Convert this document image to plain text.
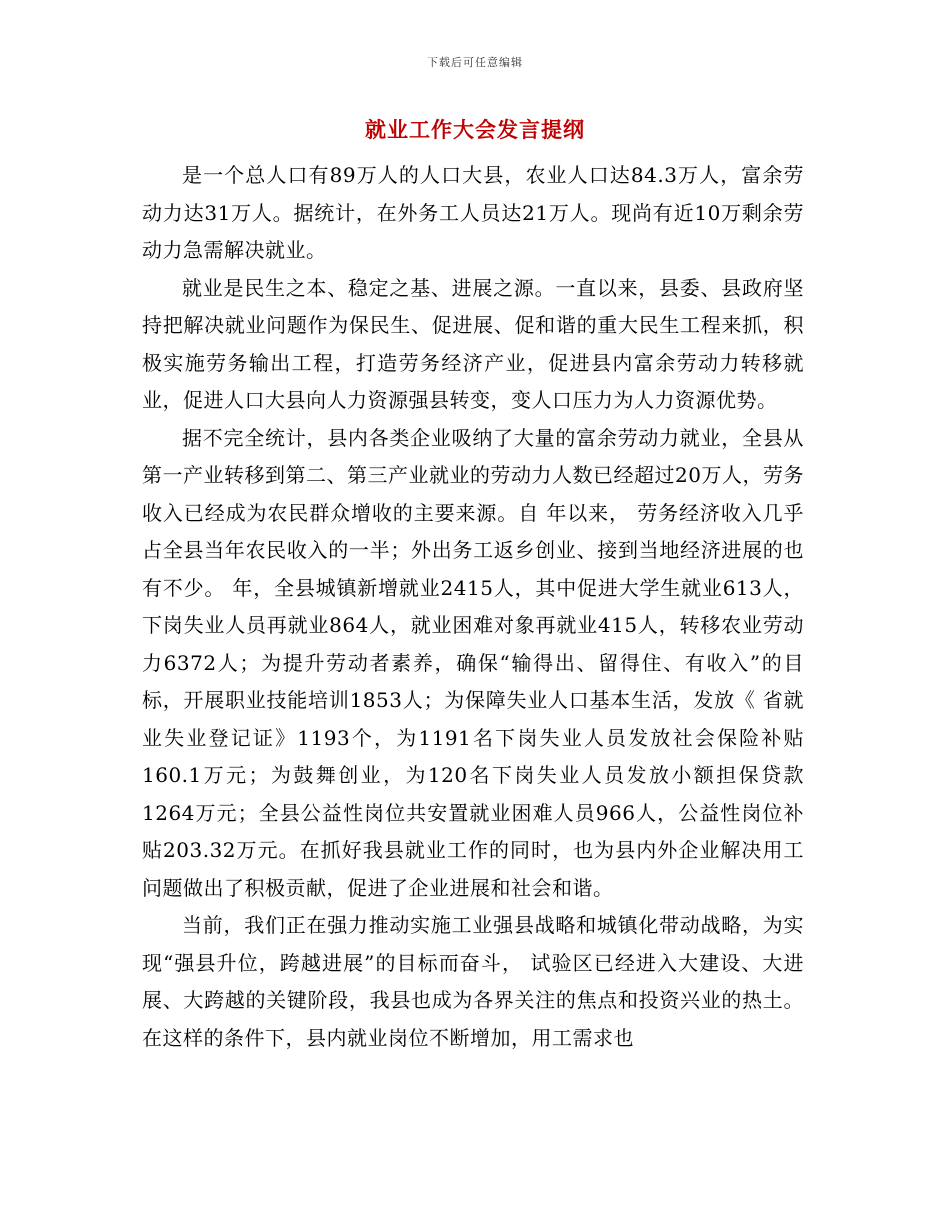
下载后可任意编辑
就业工作大会发言提纲

是一个总人口有89万人的人口大县，农业人口达84.3万人，富余劳动力达31万人。据统计，在外务工人员达21万人。现尚有近10万剩余劳动力急需解决就业。

就业是民生之本、稳定之基、进展之源。一直以来，县委、县政府坚持把解决就业问题作为保民生、促进展、促和谐的重大民生工程来抓，积极实施劳务输出工程，打造劳务经济产业，促进县内富余劳动力转移就业，促进人口大县向人力资源强县转变，变人口压力为人力资源优势。

据不完全统计，县内各类企业吸纳了大量的富余劳动力就业，全县从第一产业转移到第二、第三产业就业的劳动力人数已经超过20万人，劳务收入已经成为农民群众增收的主要来源。自 年以来， 劳务经济收入几乎占全县当年农民收入的一半；外出务工返乡创业、接到当地经济进展的也有不少。 年，全县城镇新增就业2415人，其中促进大学生就业613人，下岗失业人员再就业864人，就业困难对象再就业415人，转移农业劳动力6372人；为提升劳动者素养，确保“输得出、留得住、有收入”的目标，开展职业技能培训1853人；为保障失业人口基本生活，发放《 省就业失业登记证》1193个，为1191名下岗失业人员发放社会保险补贴160.1万元；为鼓舞创业，为120名下岗失业人员发放小额担保贷款1264万元；全县公益性岗位共安置就业困难人员966人，公益性岗位补贴203.32万元。在抓好我县就业工作的同时，也为县内外企业解决用工问题做出了积极贡献，促进了企业进展和社会和谐。

当前，我们正在强力推动实施工业强县战略和城镇化带动战略，为实现“强县升位，跨越进展”的目标而奋斗， 试验区已经进入大建设、大进展、大跨越的关键阶段，我县也成为各界关注的焦点和投资兴业的热土。在这样的条件下，县内就业岗位不断增加，用工需求也
